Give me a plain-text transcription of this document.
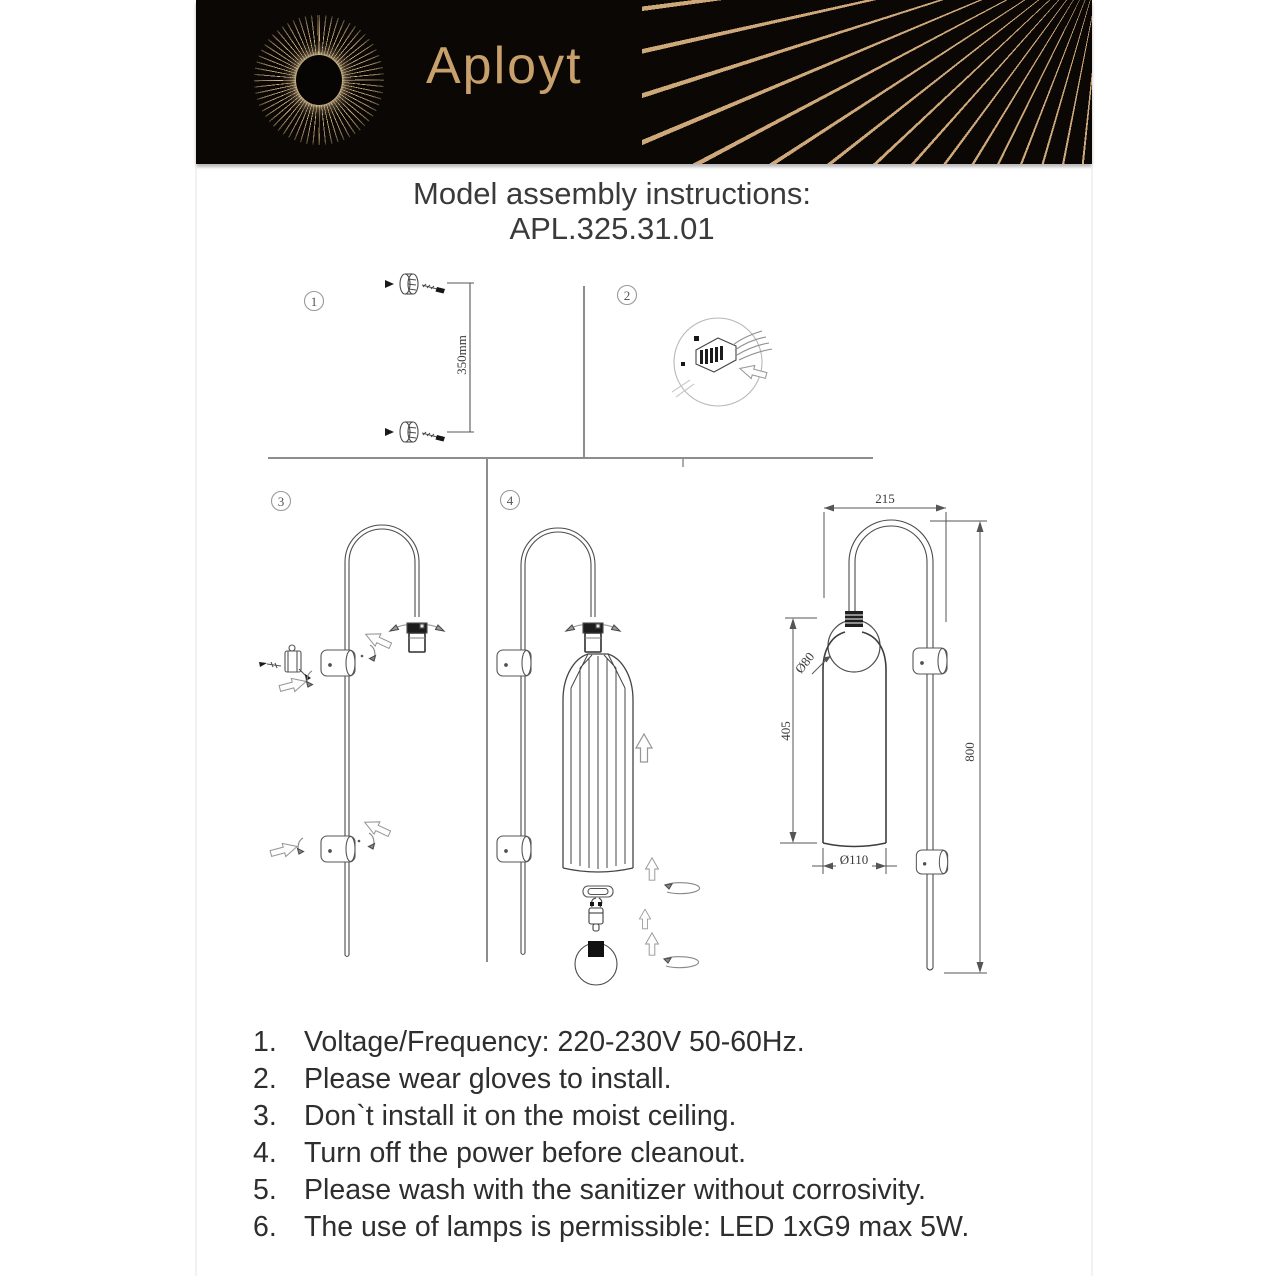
Aployt
Model assembly instructions:
APL.325.31.01
1
350mm
2
3	4	215
800
405
Ø80
Ø110
1. Voltage/Frequency: 220-230V 50-60Hz.
2. Please wear gloves to install.
3. Don`t install it on the moist ceiling.
4. Turn off the power before cleanout.
5. Please wash with the sanitizer without corrosivity.
6. The use of lamps is permissible: LED 1xG9 max 5W.
